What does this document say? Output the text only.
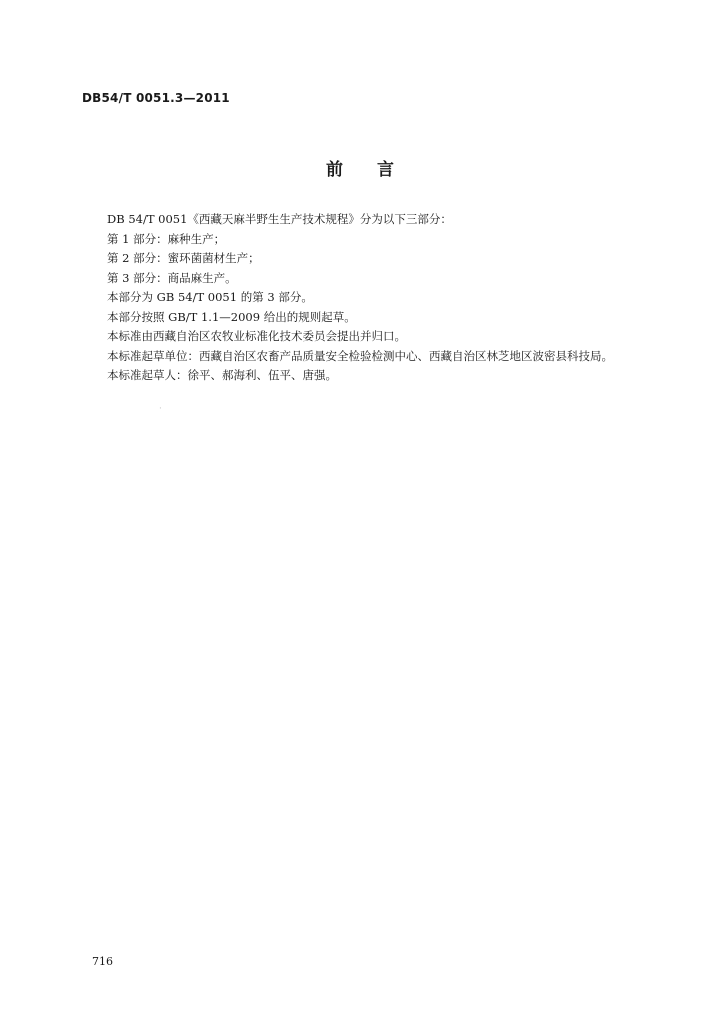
DB54/T 0051.3—2011
前言
DB 54/T 0051《西藏天麻半野生生产技术规程》分为以下三部分：
第 1 部分：麻种生产；
第 2 部分：蜜环菌菌材生产；
第 3 部分：商品麻生产。
本部分为 GB 54/T 0051 的第 3 部分。
本部分按照 GB/T 1.1—2009 给出的规则起草。
本标准由西藏自治区农牧业标准化技术委员会提出并归口。
本标准起草单位：西藏自治区农畜产品质量安全检验检测中心、西藏自治区林芝地区波密县科技局。
本标准起草人：徐平、郝海利、伍平、唐强。
·
716
